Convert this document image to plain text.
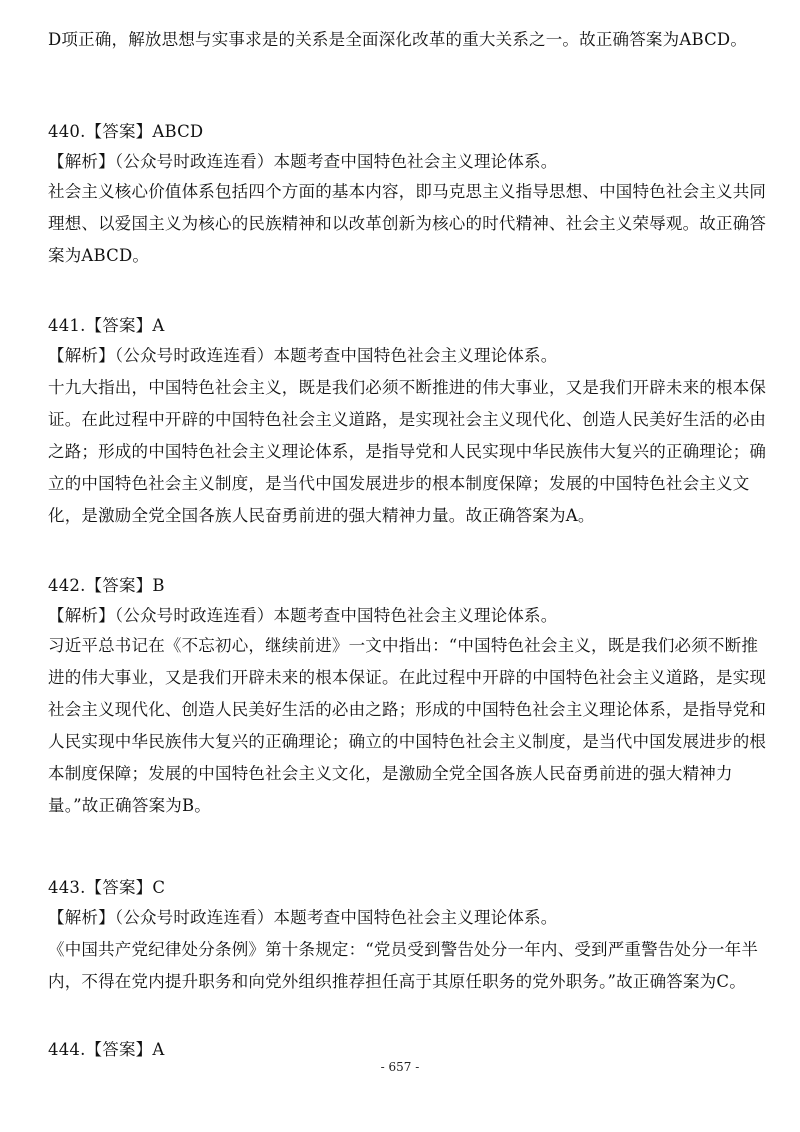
D项正确，解放思想与实事求是的关系是全面深化改革的重大关系之一。故正确答案为ABCD。
440.【答案】ABCD
【解析】（公众号时政连连看）本题考查中国特色社会主义理论体系。
社会主义核心价值体系包括四个方面的基本内容，即马克思主义指导思想、中国特色社会主义共同
理想、以爱国主义为核心的民族精神和以改革创新为核心的时代精神、社会主义荣辱观。故正确答
案为ABCD。
441.【答案】A
【解析】（公众号时政连连看）本题考查中国特色社会主义理论体系。
十九大指出，中国特色社会主义，既是我们必须不断推进的伟大事业，又是我们开辟未来的根本保
证。在此过程中开辟的中国特色社会主义道路，是实现社会主义现代化、创造人民美好生活的必由
之路；形成的中国特色社会主义理论体系，是指导党和人民实现中华民族伟大复兴的正确理论；确
立的中国特色社会主义制度，是当代中国发展进步的根本制度保障；发展的中国特色社会主义文
化，是激励全党全国各族人民奋勇前进的强大精神力量。故正确答案为A。
442.【答案】B
【解析】（公众号时政连连看）本题考查中国特色社会主义理论体系。
习近平总书记在《不忘初心，继续前进》一文中指出：“中国特色社会主义，既是我们必须不断推
进的伟大事业，又是我们开辟未来的根本保证。在此过程中开辟的中国特色社会主义道路，是实现
社会主义现代化、创造人民美好生活的必由之路；形成的中国特色社会主义理论体系，是指导党和
人民实现中华民族伟大复兴的正确理论；确立的中国特色社会主义制度，是当代中国发展进步的根
本制度保障；发展的中国特色社会主义文化，是激励全党全国各族人民奋勇前进的强大精神力
量。”故正确答案为B。
443.【答案】C
【解析】（公众号时政连连看）本题考查中国特色社会主义理论体系。
《中国共产党纪律处分条例》第十条规定：“党员受到警告处分一年内、受到严重警告处分一年半
内，不得在党内提升职务和向党外组织推荐担任高于其原任职务的党外职务。”故正确答案为C。
444.【答案】A
- 657 -
